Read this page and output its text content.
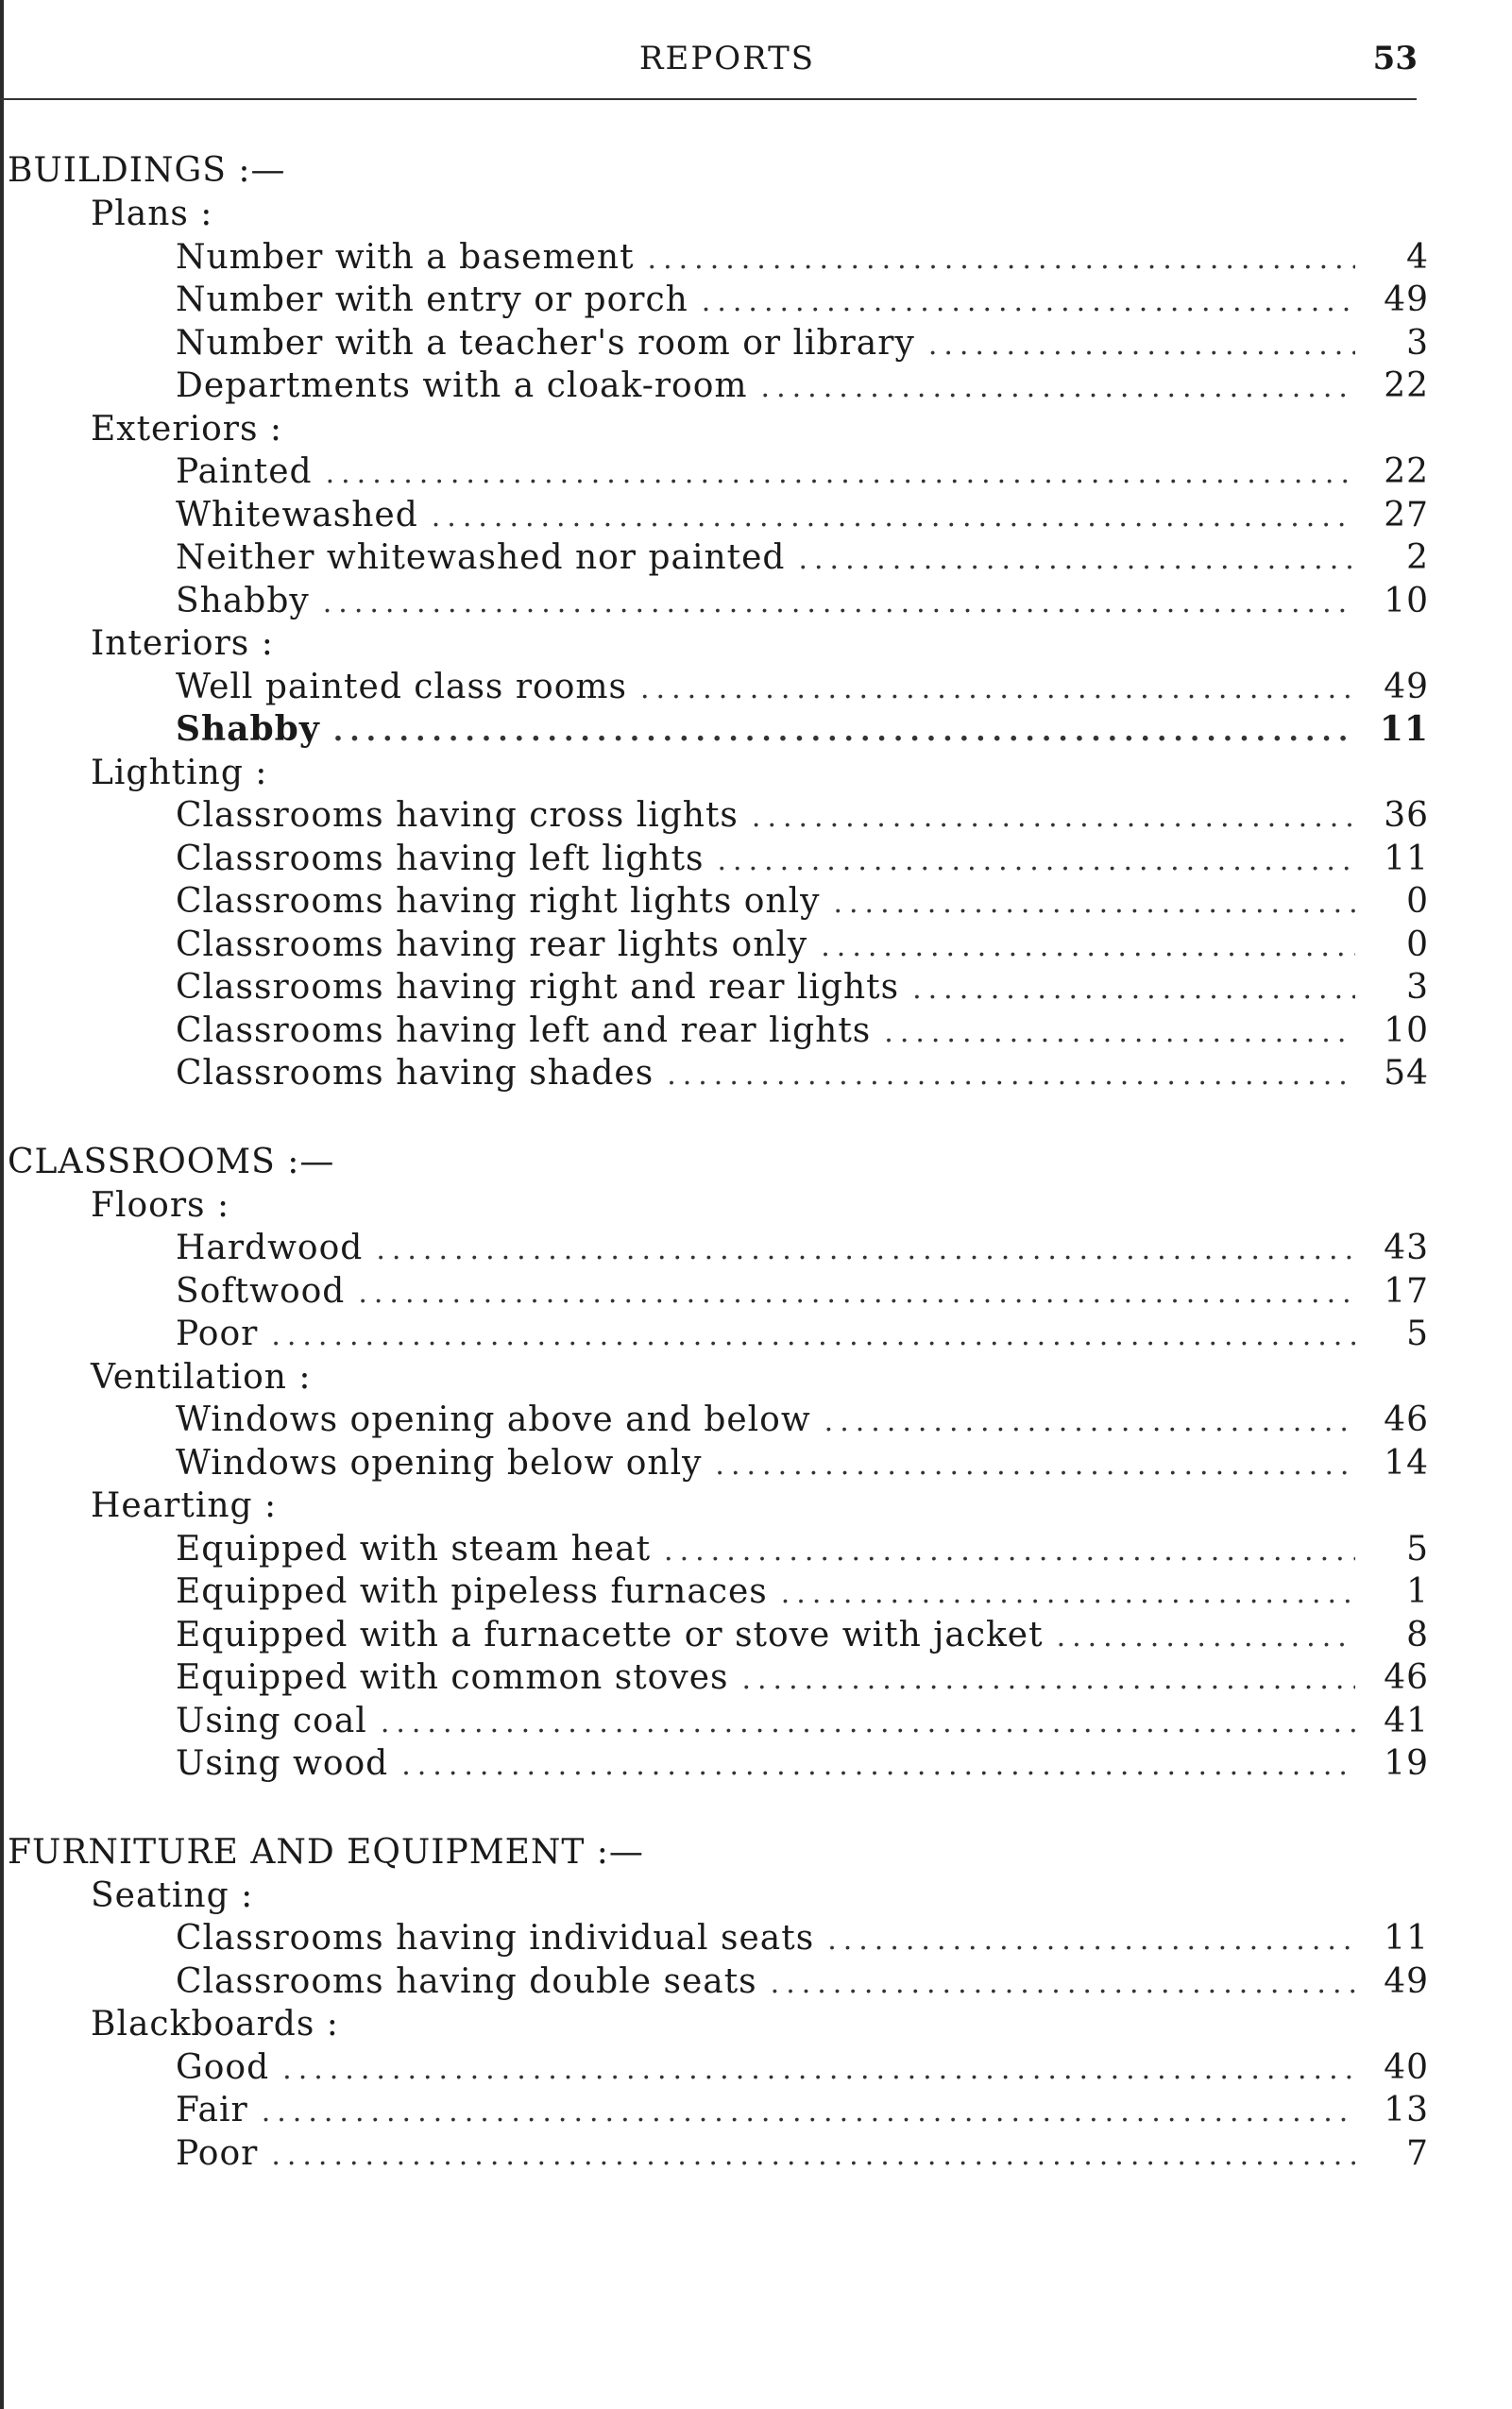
REPORTS	53
BUILDINGS :—
Plans :
Number with a basement .....	4
Number with entry or porch .....	49
Number with a teacher's room or library .....	3
Departments with a cloak-room .....	22
Exteriors :
Painted .....	22
Whitewashed .....	27
Neither whitewashed nor painted .....	2
Shabby .....	10
Interiors :
Well painted class rooms .....	49
Shabby .....	11
Lighting :
Classrooms having cross lights .....	36
Classrooms having left lights .....	11
Classrooms having right lights only .....	0
Classrooms having rear lights only .....	0
Classrooms having right and rear lights .....	3
Classrooms having left and rear lights .....	10
Classrooms having shades .....	54
CLASSROOMS :—
Floors :
Hardwood .....	43
Softwood .....	17
Poor .....	5
Ventilation :
Windows opening above and below .....	46
Windows opening below only .....	14
Hearting :
Equipped with steam heat .....	5
Equipped with pipeless furnaces .....	1
Equipped with a furnacette or stove with jacket .....	8
Equipped with common stoves .....	46
Using coal .....	41
Using wood .....	19
FURNITURE AND EQUIPMENT :—
Seating :
Classrooms having individual seats .....	11
Classrooms having double seats .....	49
Blackboards :
Good .....	40
Fair .....	13
Poor .....	7
